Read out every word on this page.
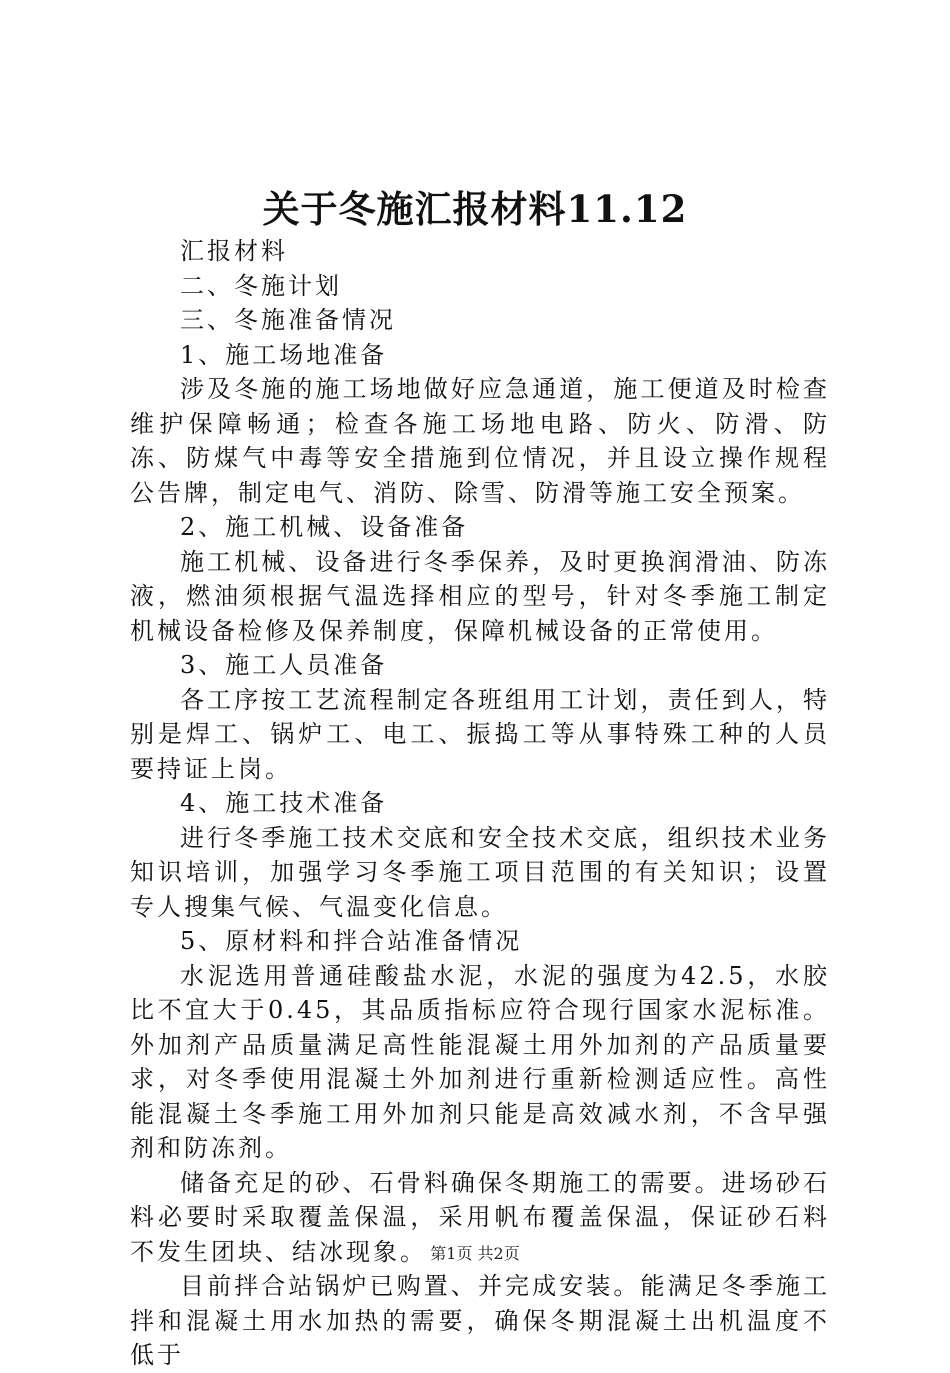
关于冬施汇报材料11.12

汇报材料

二、冬施计划

三、冬施准备情况

1、施工场地准备

涉及冬施的施工场地做好应急通道，施工便道及时检查维护保障畅通；检查各施工场地电路、防火、防滑、防冻、防煤气中毒等安全措施到位情况，并且设立操作规程公告牌，制定电气、消防、除雪、防滑等施工安全预案。

2、施工机械、设备准备

施工机械、设备进行冬季保养，及时更换润滑油、防冻液，燃油须根据气温选择相应的型号，针对冬季施工制定机械设备检修及保养制度，保障机械设备的正常使用。

3、施工人员准备

各工序按工艺流程制定各班组用工计划，责任到人，特别是焊工、锅炉工、电工、振捣工等从事特殊工种的人员要持证上岗。

4、施工技术准备

进行冬季施工技术交底和安全技术交底，组织技术业务知识培训，加强学习冬季施工项目范围的有关知识；设置专人搜集气候、气温变化信息。

5、原材料和拌合站准备情况

水泥选用普通硅酸盐水泥，水泥的强度为42.5，水胶比不宜大于0.45，其品质指标应符合现行国家水泥标准。外加剂产品质量满足高性能混凝土用外加剂的产品质量要求，对冬季使用混凝土外加剂进行重新检测适应性。高性能混凝土冬季施工用外加剂只能是高效减水剂，不含早强剂和防冻剂。

储备充足的砂、石骨料确保冬期施工的需要。进场砂石料必要时采取覆盖保温，采用帆布覆盖保温，保证砂石料不发生团块、结冰现象。

目前拌合站锅炉已购置、并完成安装。能满足冬季施工拌和混凝土用水加热的需要，确保冬期混凝土出机温度不低于

第1页 共2页
